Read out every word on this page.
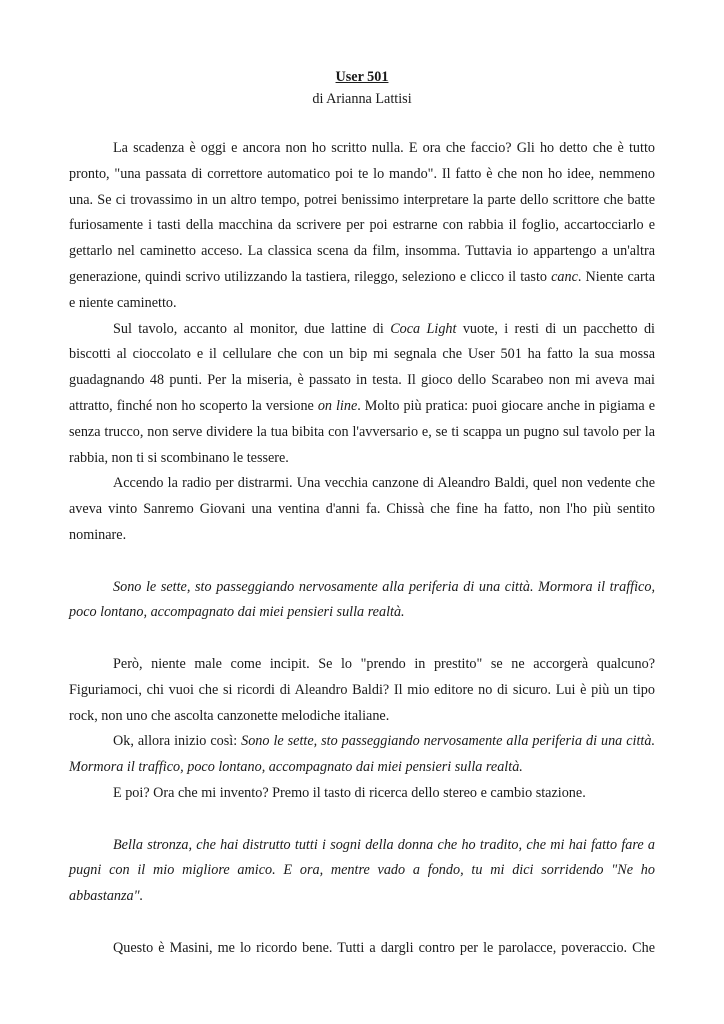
User 501

di Arianna Lattisi

La scadenza è oggi e ancora non ho scritto nulla. E ora che faccio? Gli ho detto che è tutto pronto, "una passata di correttore automatico poi te lo mando". Il fatto è che non ho idee, nemmeno una. Se ci trovassimo in un altro tempo, potrei benissimo interpretare la parte dello scrittore che batte furiosamente i tasti della macchina da scrivere per poi estrarne con rabbia il foglio, accartocciarlo e gettarlo nel caminetto acceso. La classica scena da film, insomma. Tuttavia io appartengo a un'altra generazione, quindi scrivo utilizzando la tastiera, rileggo, seleziono e clicco il tasto canc. Niente carta e niente caminetto.

Sul tavolo, accanto al monitor, due lattine di Coca Light vuote, i resti di un pacchetto di biscotti al cioccolato e il cellulare che con un bip mi segnala che User 501 ha fatto la sua mossa guadagnando 48 punti. Per la miseria, è passato in testa. Il gioco dello Scarabeo non mi aveva mai attratto, finché non ho scoperto la versione on line. Molto più pratica: puoi giocare anche in pigiama e senza trucco, non serve dividere la tua bibita con l'avversario e, se ti scappa un pugno sul tavolo per la rabbia, non ti si scombinano le tessere.

Accendo la radio per distrarmi. Una vecchia canzone di Aleandro Baldi, quel non vedente che aveva vinto Sanremo Giovani una ventina d'anni fa. Chissà che fine ha fatto, non l'ho più sentito nominare.

Sono le sette, sto passeggiando nervosamente alla periferia di una città. Mormora il traffico, poco lontano, accompagnato dai miei pensieri sulla realtà.

Però, niente male come incipit. Se lo "prendo in prestito" se ne accorgerà qualcuno? Figuriamoci, chi vuoi che si ricordi di Aleandro Baldi? Il mio editore no di sicuro. Lui è più un tipo rock, non uno che ascolta canzonette melodiche italiane.

Ok, allora inizio così: Sono le sette, sto passeggiando nervosamente alla periferia di una città. Mormora il traffico, poco lontano, accompagnato dai miei pensieri sulla realtà.

E poi? Ora che mi invento? Premo il tasto di ricerca dello stereo e cambio stazione.

Bella stronza, che hai distrutto tutti i sogni della donna che ho tradito, che mi hai fatto fare a pugni con il mio migliore amico. E ora, mentre vado a fondo, tu mi dici sorridendo "Ne ho abbastanza".

Questo è Masini, me lo ricordo bene. Tutti a dargli contro per le parolacce, poveraccio. Che
